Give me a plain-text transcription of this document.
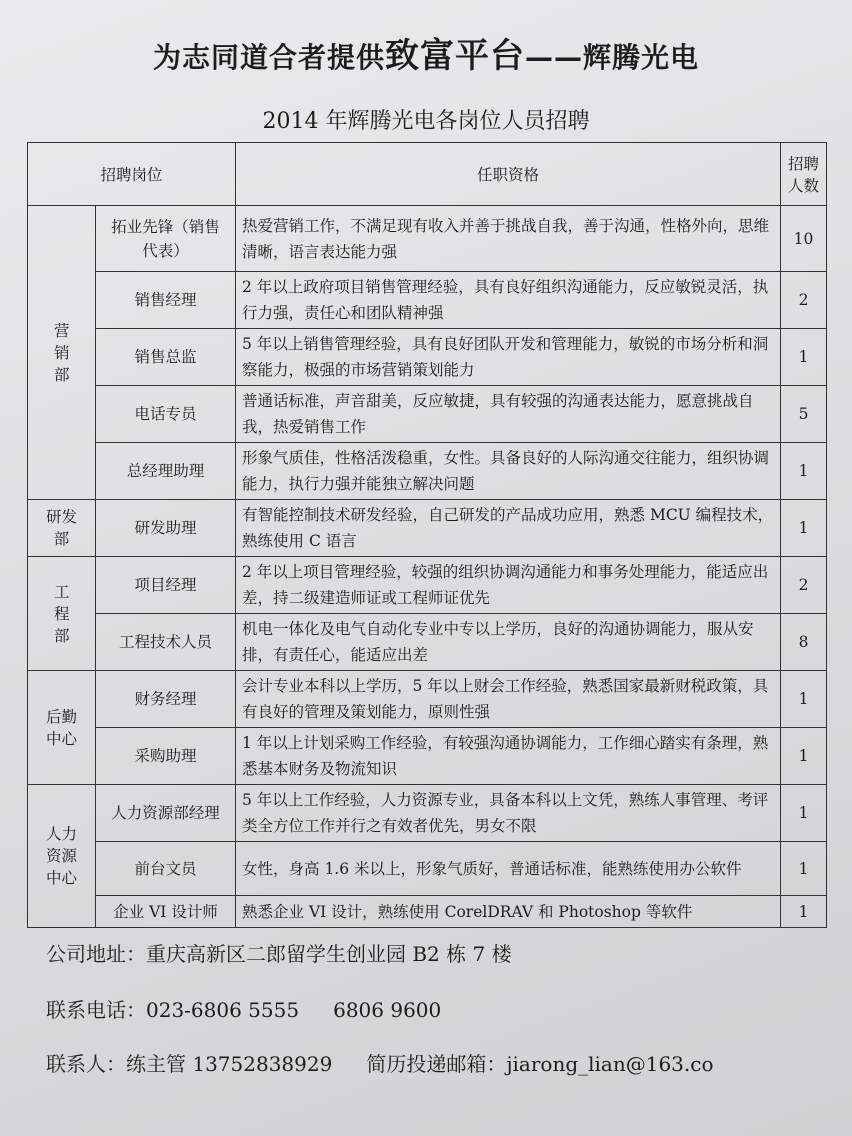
为志同道合者提供致富平台——辉腾光电
2014 年辉腾光电各岗位人员招聘
招聘岗位		任职资格	招聘人数
营销部	拓业先锋（销售代表）	热爱营销工作，不满足现有收入并善于挑战自我，善于沟通，性格外向，思维清晰，语言表达能力强	10
	销售经理	2 年以上政府项目销售管理经验，具有良好组织沟通能力，反应敏锐灵活，执行力强，责任心和团队精神强	2
	销售总监	5 年以上销售管理经验，具有良好团队开发和管理能力，敏锐的市场分析和洞察能力，极强的市场营销策划能力	1
	电话专员	普通话标准，声音甜美，反应敏捷，具有较强的沟通表达能力，愿意挑战自我，热爱销售工作	5
	总经理助理	形象气质佳，性格活泼稳重，女性。具备良好的人际沟通交往能力，组织协调能力，执行力强并能独立解决问题	1
研发部	研发助理	有智能控制技术研发经验，自己研发的产品成功应用，熟悉 MCU 编程技术，熟练使用 C 语言	1
工程部	项目经理	2 年以上项目管理经验，较强的组织协调沟通能力和事务处理能力，能适应出差，持二级建造师证或工程师证优先	2
	工程技术人员	机电一体化及电气自动化专业中专以上学历，良好的沟通协调能力，服从安排，有责任心，能适应出差	8
后勤中心	财务经理	会计专业本科以上学历，5 年以上财会工作经验，熟悉国家最新财税政策，具有良好的管理及策划能力，原则性强	1
	采购助理	1 年以上计划采购工作经验，有较强沟通协调能力，工作细心踏实有条理，熟悉基本财务及物流知识	1
人力资源中心	人力资源部经理	5 年以上工作经验，人力资源专业，具备本科以上文凭，熟练人事管理、考评类全方位工作并行之有效者优先，男女不限	1
	前台文员	女性，身高 1.6 米以上，形象气质好，普通话标准，能熟练使用办公软件	1
	企业 VI 设计师	熟悉企业 VI 设计，熟练使用 CorelDRAV 和 Photoshop 等软件	1
公司地址：重庆高新区二郎留学生创业园 B2 栋 7 楼
联系电话：023-6806 5555 6806 9600
联系人：练主管 13752838929 简历投递邮箱：jiarong_lian@163.co
